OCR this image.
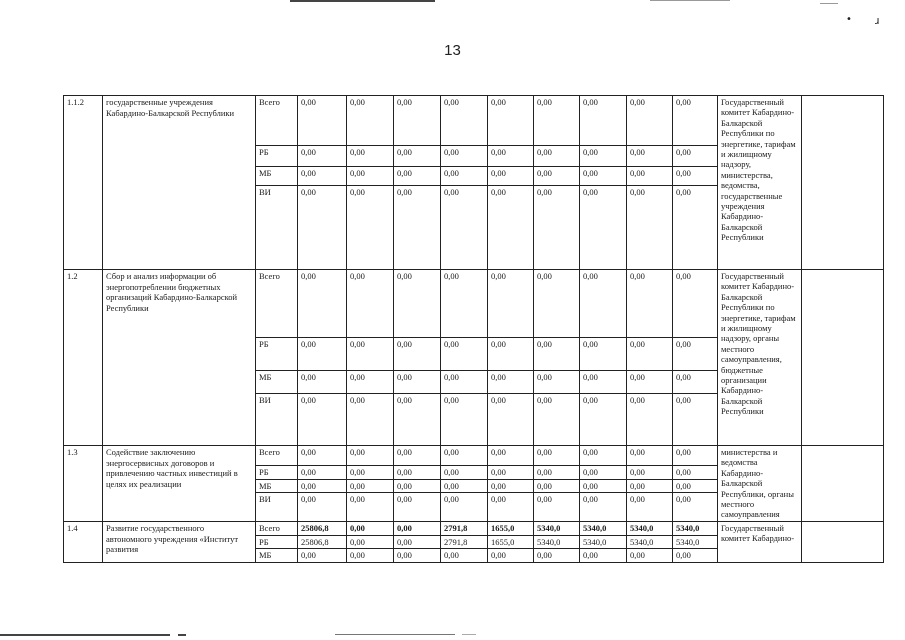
• ɹ
13
1.1.2	государственные учреждения Кабардино-Балкарской Республики	Всего	0,00	0,00	0,00	0,00	0,00	0,00	0,00	0,00	0,00	Государственный комитет Кабардино-Балкарской Республики по энергетике, тарифам и жилищному надзору, министерства, ведомства, государственные учреждения Кабардино-Балкарской Республики	
		РБ	0,00	0,00	0,00	0,00	0,00	0,00	0,00	0,00	0,00		
		МБ	0,00	0,00	0,00	0,00	0,00	0,00	0,00	0,00	0,00		
		ВИ	0,00	0,00	0,00	0,00	0,00	0,00	0,00	0,00	0,00		
1.2	Сбор и анализ информации об энергопотреблении бюджетных организаций Кабардино-Балкарской Республики	Всего	0,00	0,00	0,00	0,00	0,00	0,00	0,00	0,00	0,00	Государственный комитет Кабардино-Балкарской Республики по энергетике, тарифам и жилищному надзору, органы местного самоуправления, бюджетные организации Кабардино-Балкарской Республики	
		РБ	0,00	0,00	0,00	0,00	0,00	0,00	0,00	0,00	0,00		
		МБ	0,00	0,00	0,00	0,00	0,00	0,00	0,00	0,00	0,00		
		ВИ	0,00	0,00	0,00	0,00	0,00	0,00	0,00	0,00	0,00		
1.3	Содействие заключению энергосервисных договоров и привлечению частных инвестиций в целях их реализации	Всего	0,00	0,00	0,00	0,00	0,00	0,00	0,00	0,00	0,00	министерства и ведомства Кабардино-Балкарской Республики, органы местного самоуправления	
		РБ	0,00	0,00	0,00	0,00	0,00	0,00	0,00	0,00	0,00		
		МБ	0,00	0,00	0,00	0,00	0,00	0,00	0,00	0,00	0,00		
		ВИ	0,00	0,00	0,00	0,00	0,00	0,00	0,00	0,00	0,00		
1.4	Развитие государственного автономного учреждения «Институт развития	Всего	25806,8	0,00	0,00	2791,8	1655,0	5340,0	5340,0	5340,0	5340,0	Государственный комитет Кабардино-	
		РБ	25806,8	0,00	0,00	2791,8	1655,0	5340,0	5340,0	5340,0	5340,0		
		МБ	0,00	0,00	0,00	0,00	0,00	0,00	0,00	0,00	0,00		
